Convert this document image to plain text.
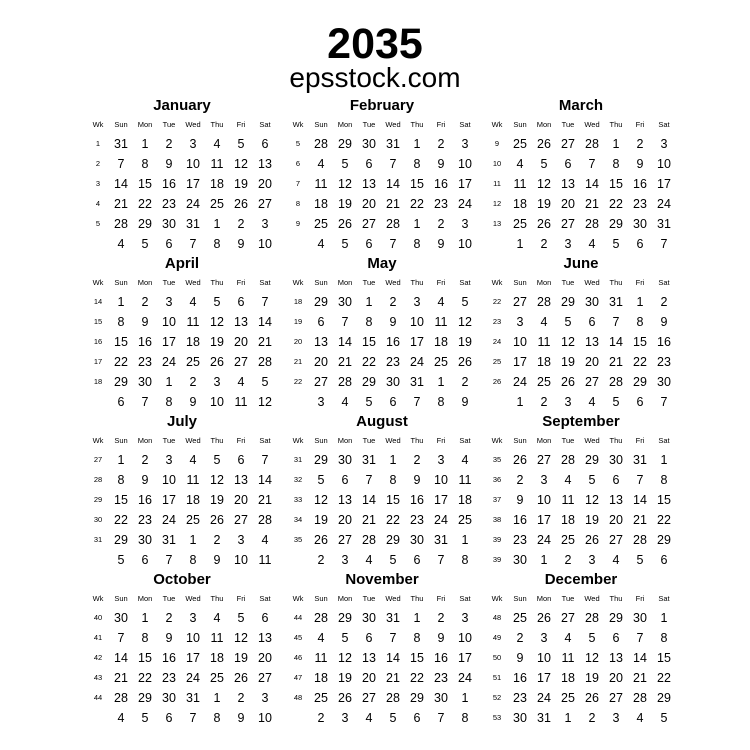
2035
epsstock.com
January
Wk	Sun	Mon	Tue	Wed	Thu	Fri	Sat
1	31	1	2	3	4	5	6
2	7	8	9	10	11	12	13
3	14	15	16	17	18	19	20
4	21	22	23	24	25	26	27
5	28	29	30	31	1	2	3
	4	5	6	7	8	9	10
February
Wk	Sun	Mon	Tue	Wed	Thu	Fri	Sat
5	28	29	30	31	1	2	3
6	4	5	6	7	8	9	10
7	11	12	13	14	15	16	17
8	18	19	20	21	22	23	24
9	25	26	27	28	1	2	3
	4	5	6	7	8	9	10
March
Wk	Sun	Mon	Tue	Wed	Thu	Fri	Sat
9	25	26	27	28	1	2	3
10	4	5	6	7	8	9	10
11	11	12	13	14	15	16	17
12	18	19	20	21	22	23	24
13	25	26	27	28	29	30	31
	1	2	3	4	5	6	7
April
Wk	Sun	Mon	Tue	Wed	Thu	Fri	Sat
14	1	2	3	4	5	6	7
15	8	9	10	11	12	13	14
16	15	16	17	18	19	20	21
17	22	23	24	25	26	27	28
18	29	30	1	2	3	4	5
	6	7	8	9	10	11	12
May
Wk	Sun	Mon	Tue	Wed	Thu	Fri	Sat
18	29	30	1	2	3	4	5
19	6	7	8	9	10	11	12
20	13	14	15	16	17	18	19
21	20	21	22	23	24	25	26
22	27	28	29	30	31	1	2
	3	4	5	6	7	8	9
June
Wk	Sun	Mon	Tue	Wed	Thu	Fri	Sat
22	27	28	29	30	31	1	2
23	3	4	5	6	7	8	9
24	10	11	12	13	14	15	16
25	17	18	19	20	21	22	23
26	24	25	26	27	28	29	30
	1	2	3	4	5	6	7
July
Wk	Sun	Mon	Tue	Wed	Thu	Fri	Sat
27	1	2	3	4	5	6	7
28	8	9	10	11	12	13	14
29	15	16	17	18	19	20	21
30	22	23	24	25	26	27	28
31	29	30	31	1	2	3	4
	5	6	7	8	9	10	11
August
Wk	Sun	Mon	Tue	Wed	Thu	Fri	Sat
31	29	30	31	1	2	3	4
32	5	6	7	8	9	10	11
33	12	13	14	15	16	17	18
34	19	20	21	22	23	24	25
35	26	27	28	29	30	31	1
	2	3	4	5	6	7	8
September
Wk	Sun	Mon	Tue	Wed	Thu	Fri	Sat
35	26	27	28	29	30	31	1
36	2	3	4	5	6	7	8
37	9	10	11	12	13	14	15
38	16	17	18	19	20	21	22
39	23	24	25	26	27	28	29
39	30	1	2	3	4	5	6
October
Wk	Sun	Mon	Tue	Wed	Thu	Fri	Sat
40	30	1	2	3	4	5	6
41	7	8	9	10	11	12	13
42	14	15	16	17	18	19	20
43	21	22	23	24	25	26	27
44	28	29	30	31	1	2	3
	4	5	6	7	8	9	10
November
Wk	Sun	Mon	Tue	Wed	Thu	Fri	Sat
44	28	29	30	31	1	2	3
45	4	5	6	7	8	9	10
46	11	12	13	14	15	16	17
47	18	19	20	21	22	23	24
48	25	26	27	28	29	30	1
	2	3	4	5	6	7	8
December
Wk	Sun	Mon	Tue	Wed	Thu	Fri	Sat
48	25	26	27	28	29	30	1
49	2	3	4	5	6	7	8
50	9	10	11	12	13	14	15
51	16	17	18	19	20	21	22
52	23	24	25	26	27	28	29
53	30	31	1	2	3	4	5
